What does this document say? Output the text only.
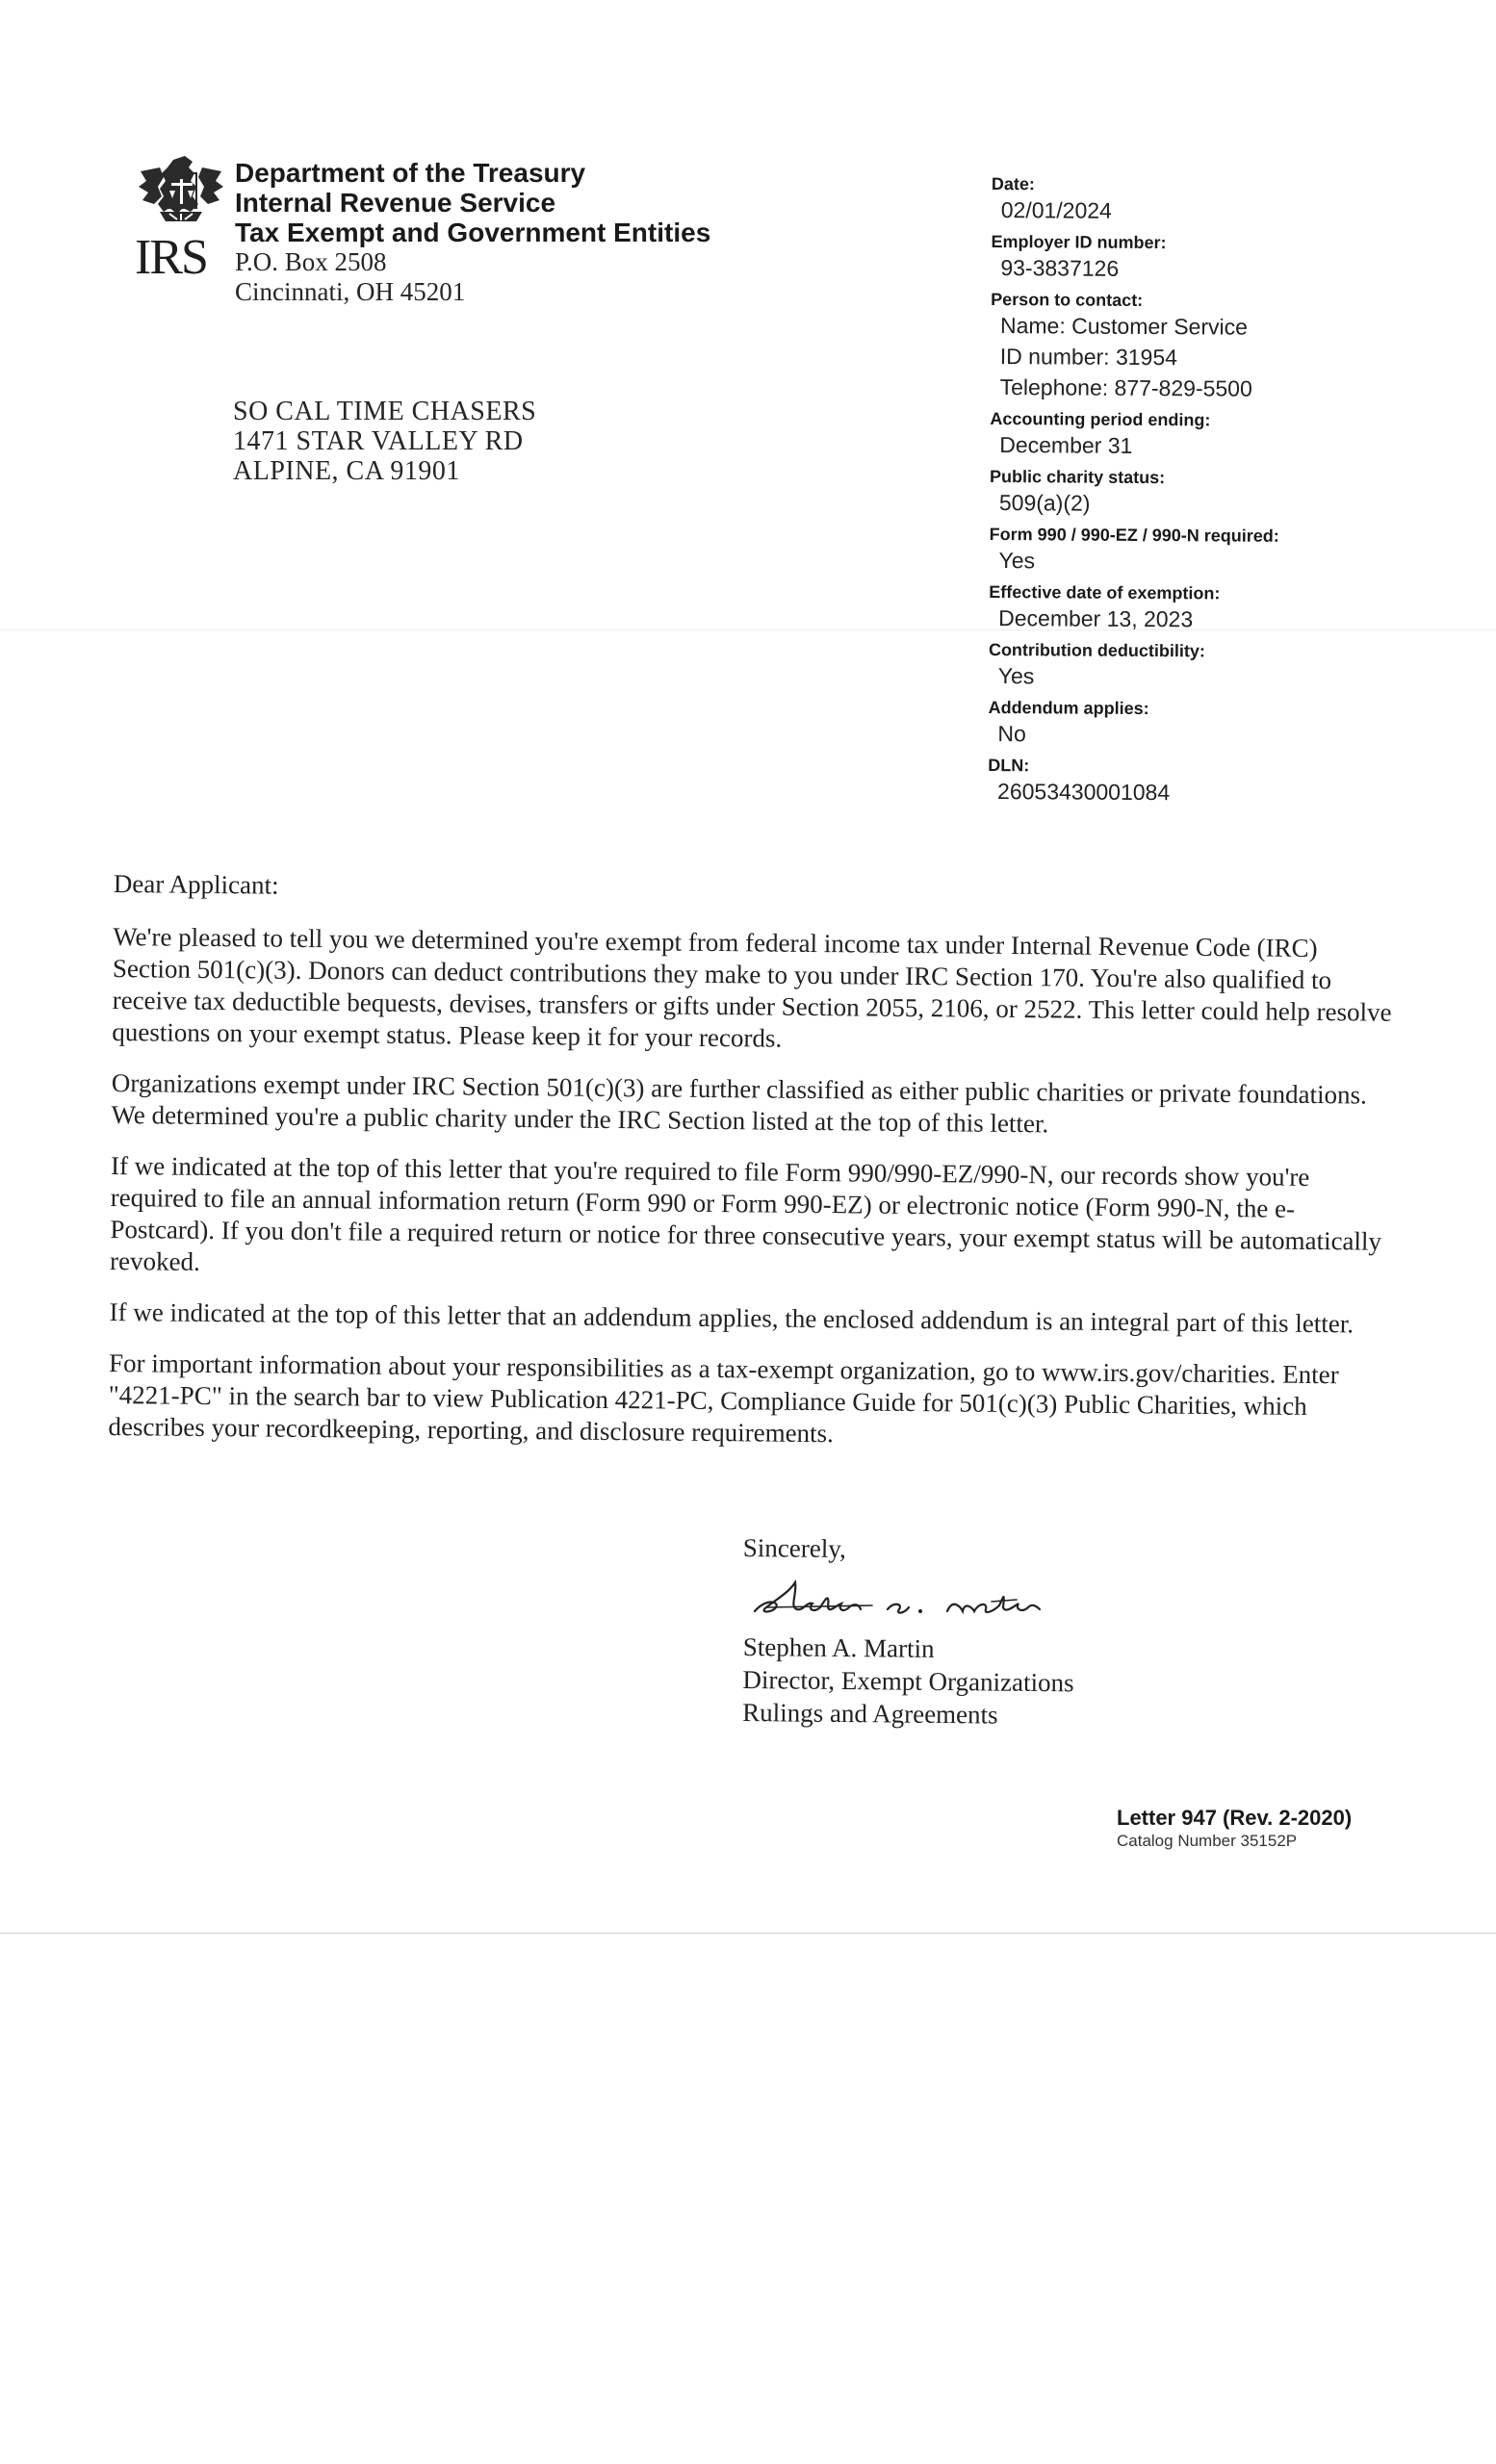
IRS
Department of the Treasury
Internal Revenue Service
Tax Exempt and Government Entities
P.O. Box 2508
Cincinnati, OH 45201
SO CAL TIME CHASERS
1471 STAR VALLEY RD
ALPINE, CA 91901
Date:
02/01/2024
Employer ID number:
93-3837126
Person to contact:
Name: Customer Service
ID number: 31954
Telephone: 877-829-5500
Accounting period ending:
December 31
Public charity status:
509(a)(2)
Form 990 / 990-EZ / 990-N required:
Yes
Effective date of exemption:
December 13, 2023
Contribution deductibility:
Yes
Addendum applies:
No
DLN:
26053430001084

Dear Applicant:

We're pleased to tell you we determined you're exempt from federal income tax under Internal Revenue Code (IRC) Section 501(c)(3). Donors can deduct contributions they make to you under IRC Section 170. You're also qualified to receive tax deductible bequests, devises, transfers or gifts under Section 2055, 2106, or 2522. This letter could help resolve questions on your exempt status. Please keep it for your records.

Organizations exempt under IRC Section 501(c)(3) are further classified as either public charities or private foundations. We determined you're a public charity under the IRC Section listed at the top of this letter.

If we indicated at the top of this letter that you're required to file Form 990/990-EZ/990-N, our records show you're required to file an annual information return (Form 990 or Form 990-EZ) or electronic notice (Form 990-N, the e-Postcard). If you don't file a required return or notice for three consecutive years, your exempt status will be automatically revoked.

If we indicated at the top of this letter that an addendum applies, the enclosed addendum is an integral part of this letter.

For important information about your responsibilities as a tax-exempt organization, go to www.irs.gov/charities. Enter "4221-PC" in the search bar to view Publication 4221-PC, Compliance Guide for 501(c)(3) Public Charities, which describes your recordkeeping, reporting, and disclosure requirements.

Sincerely,
Stephen A. Martin
Director, Exempt Organizations
Rulings and Agreements
Letter 947 (Rev. 2-2020)
Catalog Number 35152P
